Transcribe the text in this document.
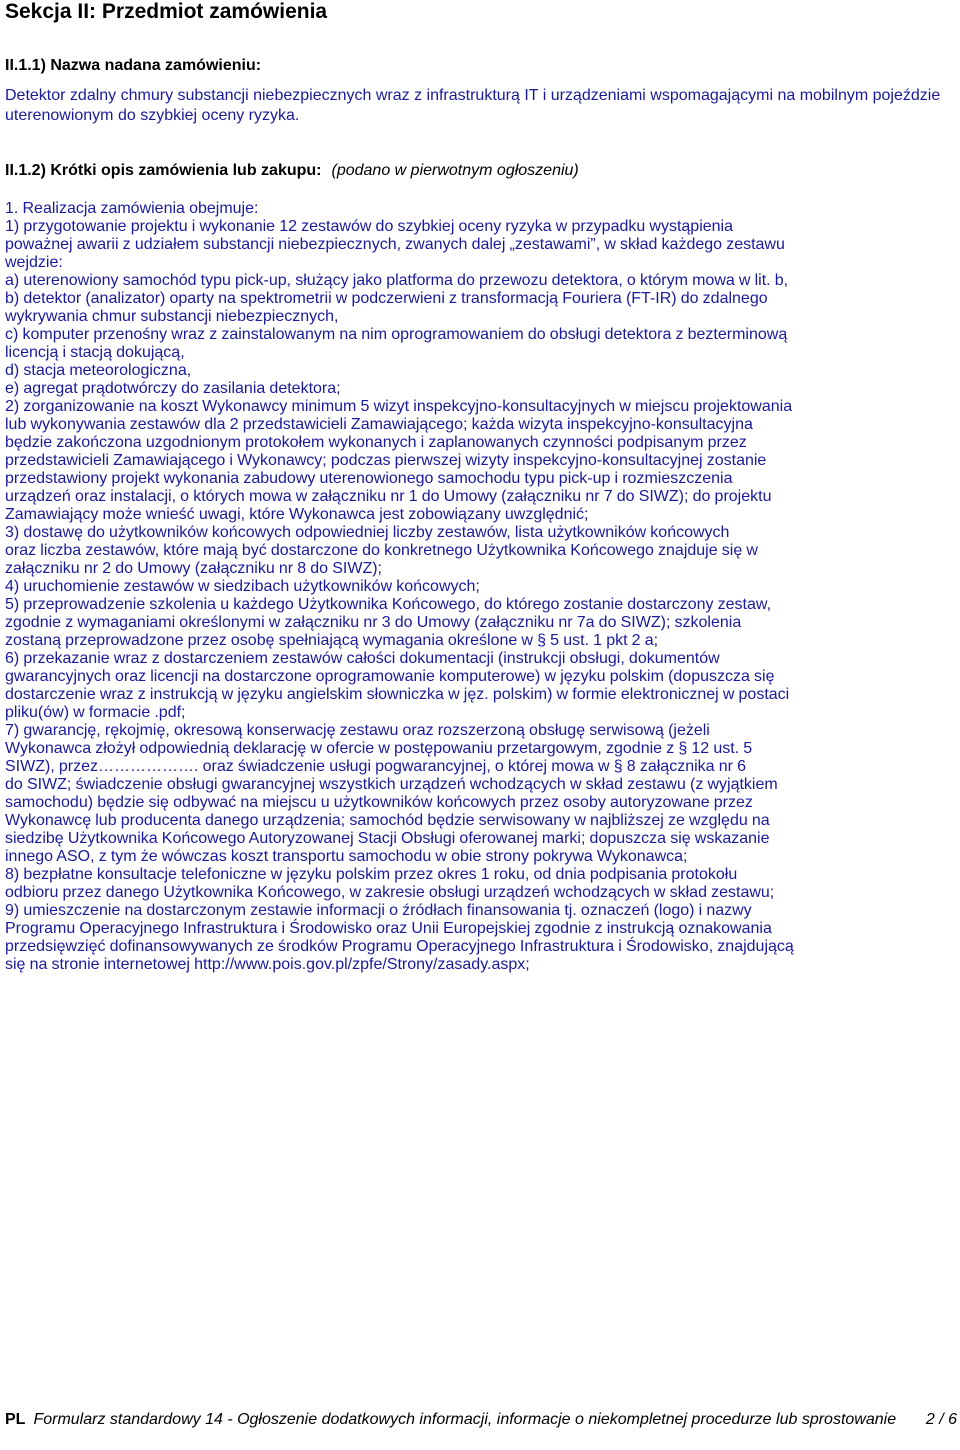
Sekcja II: Przedmiot zamówienia
II.1.1) Nazwa nadana zamówieniu:

Detektor zdalny chmury substancji niebezpiecznych wraz z infrastrukturą IT i urządzeniami wspomagającymi na mobilnym pojeździe uterenowionym do szybkiej oceny ryzyka.

II.1.2) Krótki opis zamówienia lub zakupu: (podano w pierwotnym ogłoszeniu)
1. Realizacja zamówienia obejmuje:
1) przygotowanie projektu i wykonanie 12 zestawów do szybkiej oceny ryzyka w przypadku wystąpienia
poważnej awarii z udziałem substancji niebezpiecznych, zwanych dalej „zestawami”, w skład każdego zestawu
wejdzie:
a) uterenowiony samochód typu pick-up, służący jako platforma do przewozu detektora, o którym mowa w lit. b,
b) detektor (analizator) oparty na spektrometrii w podczerwieni z transformacją Fouriera (FT-IR) do zdalnego
wykrywania chmur substancji niebezpiecznych,
c) komputer przenośny wraz z zainstalowanym na nim oprogramowaniem do obsługi detektora z bezterminową
licencją i stacją dokującą,
d) stacja meteorologiczna,
e) agregat prądotwórczy do zasilania detektora;
2) zorganizowanie na koszt Wykonawcy minimum 5 wizyt inspekcyjno-konsultacyjnych w miejscu projektowania
lub wykonywania zestawów dla 2 przedstawicieli Zamawiającego; każda wizyta inspekcyjno-konsultacyjna
będzie zakończona uzgodnionym protokołem wykonanych i zaplanowanych czynności podpisanym przez
przedstawicieli Zamawiającego i Wykonawcy; podczas pierwszej wizyty inspekcyjno-konsultacyjnej zostanie
przedstawiony projekt wykonania zabudowy uterenowionego samochodu typu pick-up i rozmieszczenia
urządzeń oraz instalacji, o których mowa w załączniku nr 1 do Umowy (załączniku nr 7 do SIWZ); do projektu
Zamawiający może wnieść uwagi, które Wykonawca jest zobowiązany uwzględnić;
3) dostawę do użytkowników końcowych odpowiedniej liczby zestawów, lista użytkowników końcowych
oraz liczba zestawów, które mają być dostarczone do konkretnego Użytkownika Końcowego znajduje się w
załączniku nr 2 do Umowy (załączniku nr 8 do SIWZ);
4) uruchomienie zestawów w siedzibach użytkowników końcowych;
5) przeprowadzenie szkolenia u każdego Użytkownika Końcowego, do którego zostanie dostarczony zestaw,
zgodnie z wymaganiami określonymi w załączniku nr 3 do Umowy (załączniku nr 7a do SIWZ); szkolenia
zostaną przeprowadzone przez osobę spełniającą wymagania określone w § 5 ust. 1 pkt 2 a;
6) przekazanie wraz z dostarczeniem zestawów całości dokumentacji (instrukcji obsługi, dokumentów
gwarancyjnych oraz licencji na dostarczone oprogramowanie komputerowe) w języku polskim (dopuszcza się
dostarczenie wraz z instrukcją w języku angielskim słowniczka w jęz. polskim) w formie elektronicznej w postaci
pliku(ów) w formacie .pdf;
7) gwarancję, rękojmię, okresową konserwację zestawu oraz rozszerzoną obsługę serwisową (jeżeli
Wykonawca złożył odpowiednią deklarację w ofercie w postępowaniu przetargowym, zgodnie z § 12 ust. 5
SIWZ), przez………………. oraz świadczenie usługi pogwarancyjnej, o której mowa w § 8 załącznika nr 6
do SIWZ; świadczenie obsługi gwarancyjnej wszystkich urządzeń wchodzących w skład zestawu (z wyjątkiem
samochodu) będzie się odbywać na miejscu u użytkowników końcowych przez osoby autoryzowane przez
Wykonawcę lub producenta danego urządzenia; samochód będzie serwisowany w najbliższej ze względu na
siedzibę Użytkownika Końcowego Autoryzowanej Stacji Obsługi oferowanej marki; dopuszcza się wskazanie
innego ASO, z tym że wówczas koszt transportu samochodu w obie strony pokrywa Wykonawca;
8) bezpłatne konsultacje telefoniczne w języku polskim przez okres 1 roku, od dnia podpisania protokołu
odbioru przez danego Użytkownika Końcowego, w zakresie obsługi urządzeń wchodzących w skład zestawu;
9) umieszczenie na dostarczonym zestawie informacji o źródłach finansowania tj. oznaczeń (logo) i nazwy
Programu Operacyjnego Infrastruktura i Środowisko oraz Unii Europejskiej zgodnie z instrukcją oznakowania
przedsięwzięć dofinansowywanych ze środków Programu Operacyjnego Infrastruktura i Środowisko, znajdującą
się na stronie internetowej http://www.pois.gov.pl/zpfe/Strony/zasady.aspx;
PL Formularz standardowy 14 - Ogłoszenie dodatkowych informacji, informacje o niekompletnej procedurze lub sprostowanie 2 / 6
